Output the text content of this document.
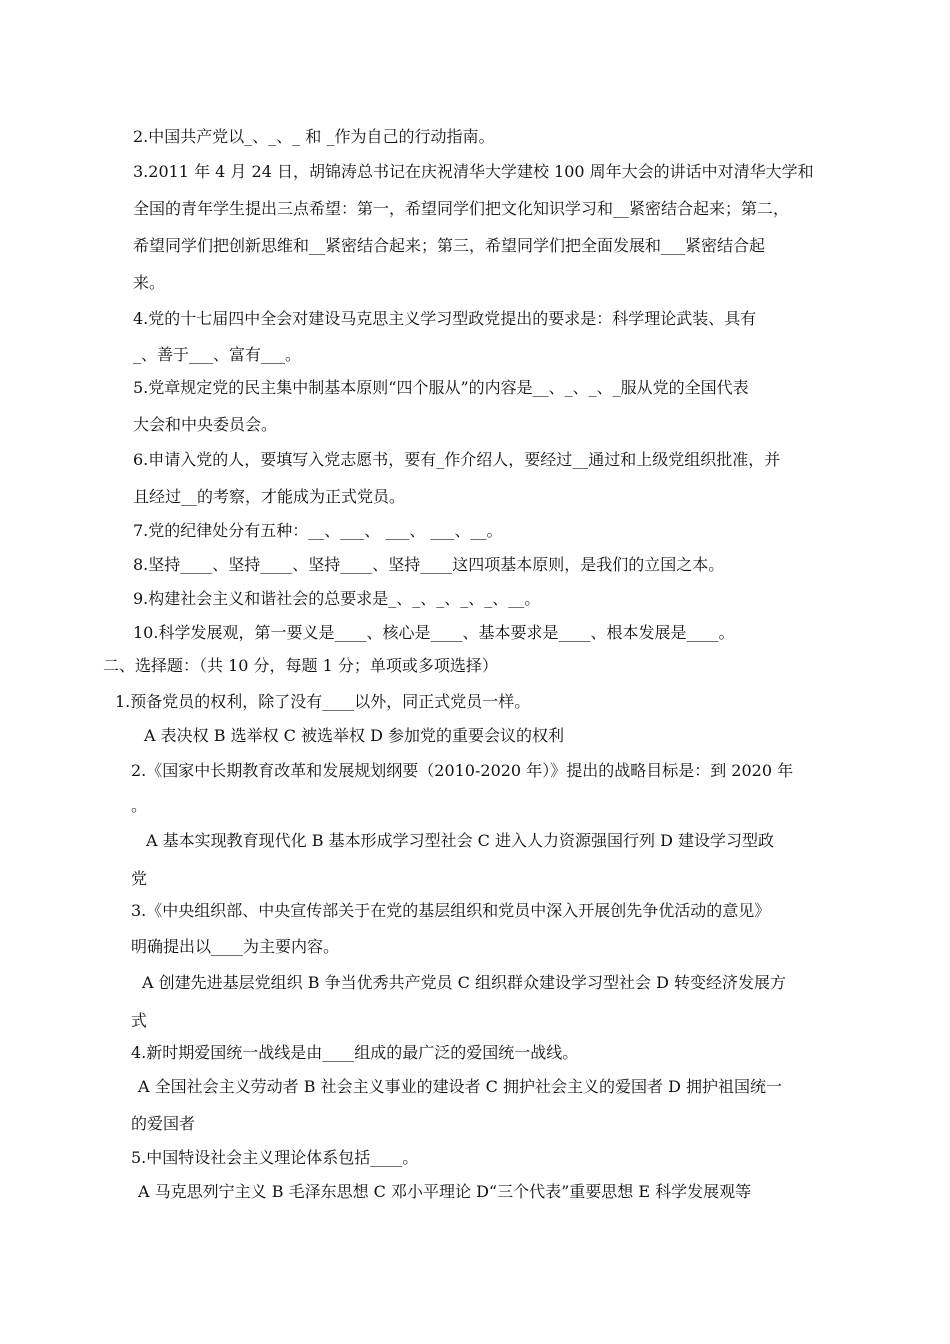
2.中国共产党以_、_、_ 和 _作为自己的行动指南。
3.2011 年 4 月 24 日，胡锦涛总书记在庆祝清华大学建校 100 周年大会的讲话中对清华大学和
全国的青年学生提出三点希望：第一，希望同学们把文化知识学习和__紧密结合起来；第二，
希望同学们把创新思维和__紧密结合起来；第三，希望同学们把全面发展和___紧密结合起
来。
4.党的十七届四中全会对建设马克思主义学习型政党提出的要求是：科学理论武装、具有
_、善于___、富有___。
5.党章规定党的民主集中制基本原则“四个服从”的内容是__、_、_、_服从党的全国代表
大会和中央委员会。
6.申请入党的人，要填写入党志愿书，要有_作介绍人，要经过__通过和上级党组织批准，并
且经过__的考察，才能成为正式党员。
7.党的纪律处分有五种：__、___、 ___、 ___、__。
8.坚持____、坚持____、坚持____、坚持____这四项基本原则，是我们的立国之本。
9.构建社会主义和谐社会的总要求是_、_、_、_、_、__。
10.科学发展观，第一要义是____、核心是____、基本要求是____、根本发展是____。
二、选择题：（共 10 分，每题 1 分；单项或多项选择）
1.预备党员的权利，除了没有____以外，同正式党员一样。
A 表决权 B 选举权 C 被选举权 D 参加党的重要会议的权利
2.《国家中长期教育改革和发展规划纲要（2010-2020 年）》提出的战略目标是：到 2020 年
。
A 基本实现教育现代化 B 基本形成学习型社会 C 进入人力资源强国行列 D 建设学习型政
党
3.《中央组织部、中央宣传部关于在党的基层组织和党员中深入开展创先争优活动的意见》
明确提出以____为主要内容。
A 创建先进基层党组织 B 争当优秀共产党员 C 组织群众建设学习型社会 D 转变经济发展方
式
4.新时期爱国统一战线是由____组成的最广泛的爱国统一战线。
A 全国社会主义劳动者 B 社会主义事业的建设者 C 拥护社会主义的爱国者 D 拥护祖国统一
的爱国者
5.中国特设社会主义理论体系包括____。
A 马克思列宁主义 B 毛泽东思想 C 邓小平理论 D“三个代表”重要思想 E 科学发展观等
